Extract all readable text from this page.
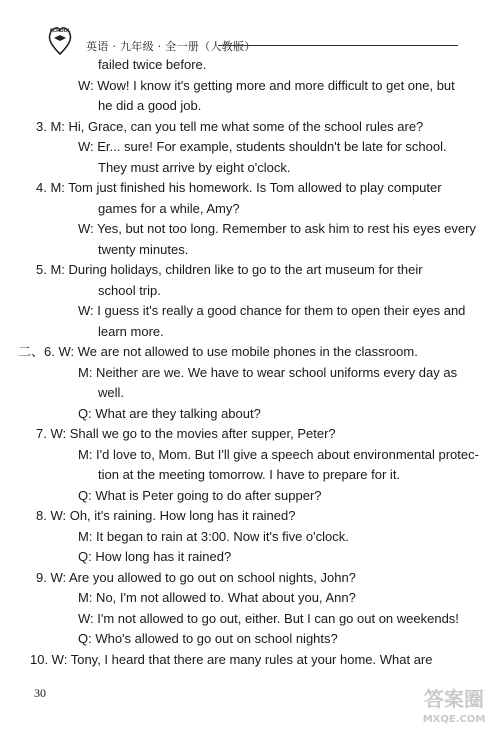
SCHOOL
英语 · 九年级 · 全一册（人教版）
failed twice before.
W: Wow! I know it's getting more and more difficult to get one, but
he did a good job.
3. M: Hi, Grace, can you tell me what some of the school rules are?
W: Er... sure! For example, students shouldn't be late for school.
They must arrive by eight o'clock.
4. M: Tom just finished his homework. Is Tom allowed to play computer
games for a while, Amy?
W: Yes, but not too long. Remember to ask him to rest his eyes every
twenty minutes.
5. M: During holidays, children like to go to the art museum for their
school trip.
W: I guess it's really a good chance for them to open their eyes and
learn more.
二、6. W: We are not allowed to use mobile phones in the classroom.
M: Neither are we. We have to wear school uniforms every day as
well.
Q: What are they talking about?
7. W: Shall we go to the movies after supper, Peter?
M: I'd love to, Mom. But I'll give a speech about environmental protec-
tion at the meeting tomorrow. I have to prepare for it.
Q: What is Peter going to do after supper?
8. W: Oh, it's raining. How long has it rained?
M: It began to rain at 3:00. Now it's five o'clock.
Q: How long has it rained?
9. W: Are you allowed to go out on school nights, John?
M: No, I'm not allowed to. What about you, Ann?
W: I'm not allowed to go out, either. But I can go out on weekends!
Q: Who's allowed to go out on school nights?
10. W: Tony, I heard that there are many rules at your home. What are
30	答案圈
MXQE.COM
